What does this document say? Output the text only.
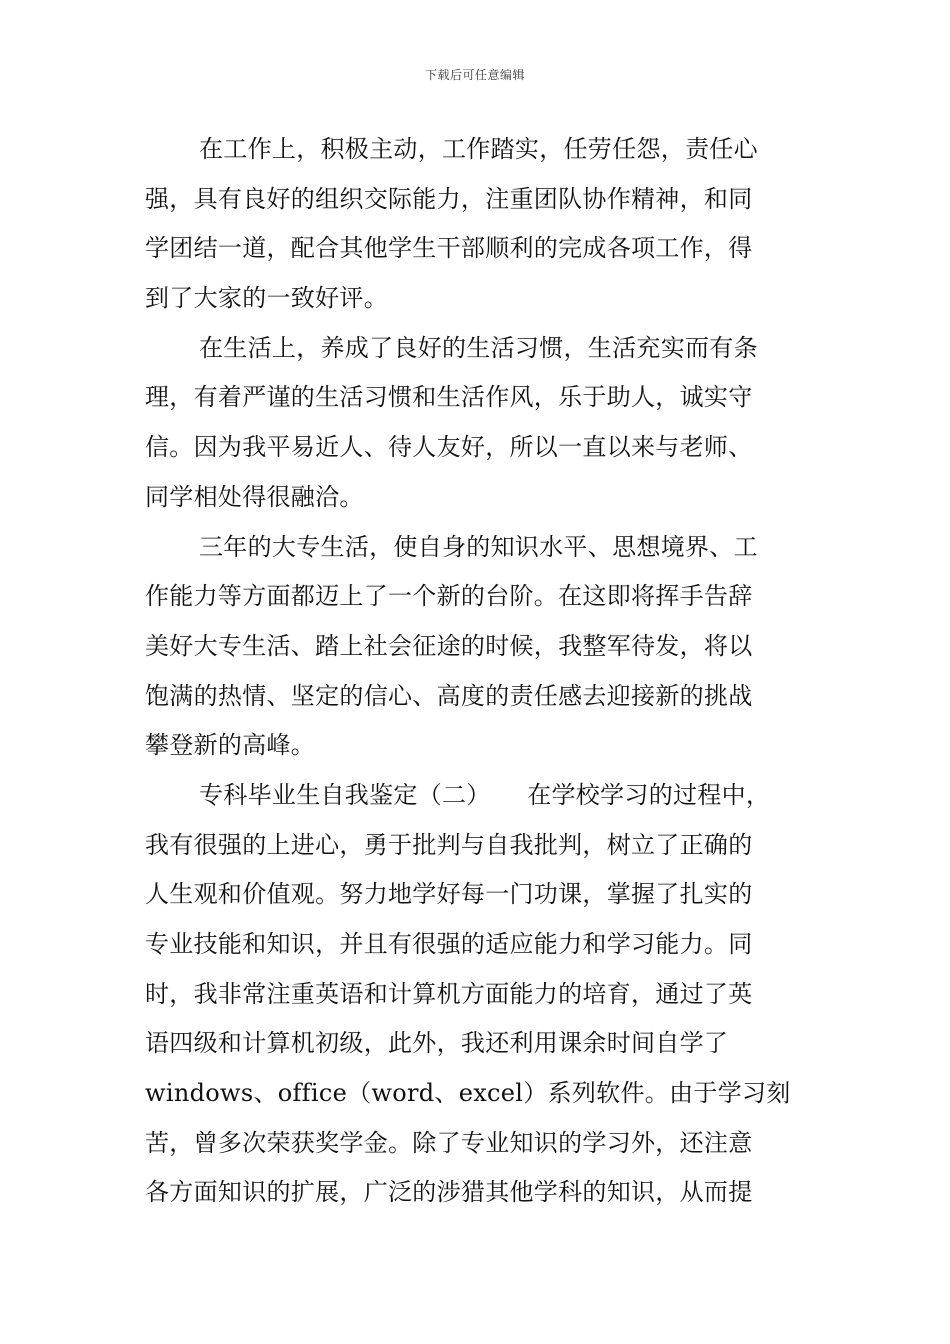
下载后可任意编辑
在工作上，积极主动，工作踏实，任劳任怨，责任心
强，具有良好的组织交际能力，注重团队协作精神，和同
学团结一道，配合其他学生干部顺利的完成各项工作，得
到了大家的一致好评。
在生活上，养成了良好的生活习惯，生活充实而有条
理，有着严谨的生活习惯和生活作风，乐于助人，诚实守
信。因为我平易近人、待人友好，所以一直以来与老师、
同学相处得很融洽。
三年的大专生活，使自身的知识水平、思想境界、工
作能力等方面都迈上了一个新的台阶。在这即将挥手告辞
美好大专生活、踏上社会征途的时候，我整军待发，将以
饱满的热情、坚定的信心、高度的责任感去迎接新的挑战
攀登新的高峰。
专科毕业生自我鉴定（二）　　在学校学习的过程中，
我有很强的上进心，勇于批判与自我批判，树立了正确的
人生观和价值观。努力地学好每一门功课，掌握了扎实的
专业技能和知识，并且有很强的适应能力和学习能力。同
时，我非常注重英语和计算机方面能力的培育，通过了英
语四级和计算机初级，此外，我还利用课余时间自学了
windows、office（word、excel）系列软件。由于学习刻
苦，曾多次荣获奖学金。除了专业知识的学习外，还注意
各方面知识的扩展，广泛的涉猎其他学科的知识，从而提
